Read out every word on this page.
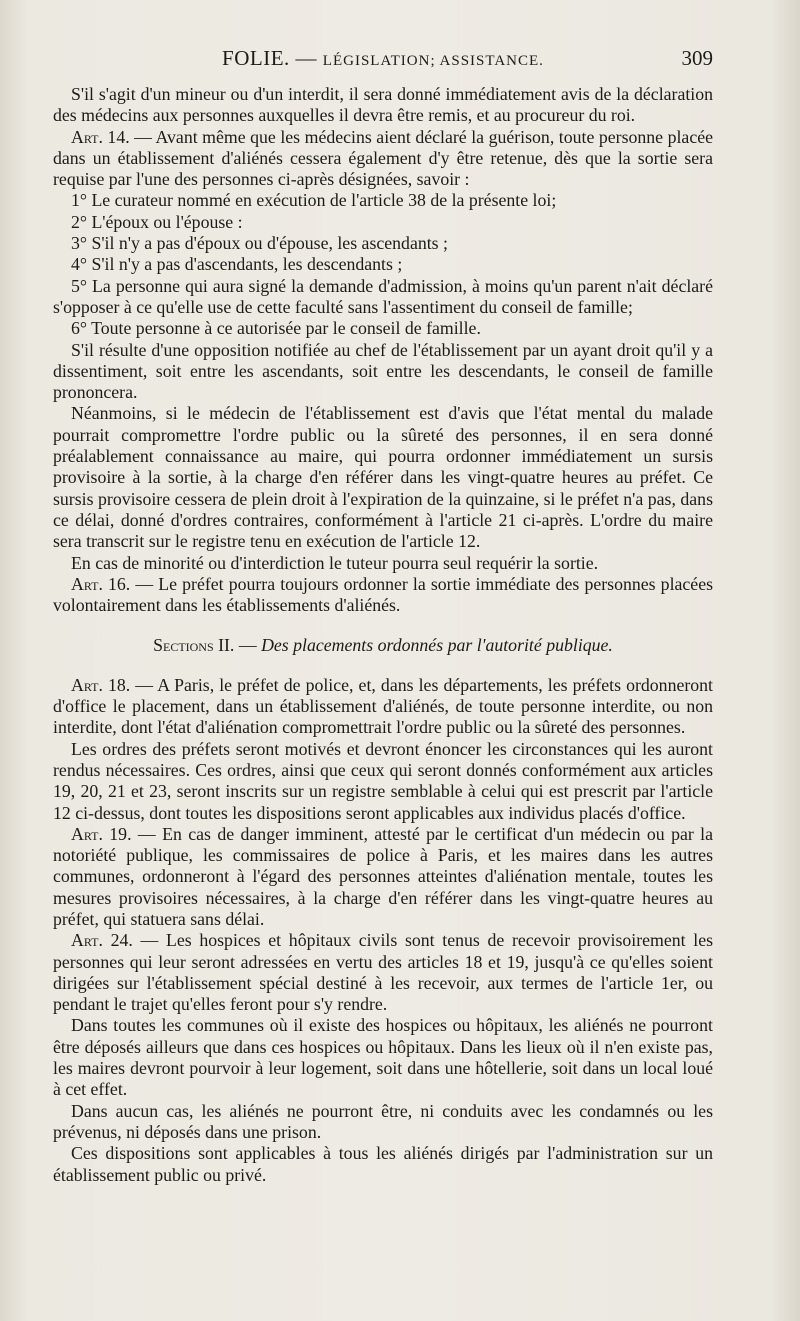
FOLIE. — LÉGISLATION; ASSISTANCE.	309

S'il s'agit d'un mineur ou d'un interdit, il sera donné immédiatement avis de la déclaration des médecins aux personnes auxquelles il devra être remis, et au procureur du roi.

Art. 14. — Avant même que les médecins aient déclaré la guérison, toute personne placée dans un établissement d'aliénés cessera également d'y être retenue, dès que la sortie sera requise par l'une des personnes ci-après désignées, savoir :

1° Le curateur nommé en exécution de l'article 38 de la présente loi;

2° L'époux ou l'épouse :

3° S'il n'y a pas d'époux ou d'épouse, les ascendants ;

4° S'il n'y a pas d'ascendants, les descendants ;

5° La personne qui aura signé la demande d'admission, à moins qu'un parent n'ait déclaré s'opposer à ce qu'elle use de cette faculté sans l'assentiment du conseil de famille;

6° Toute personne à ce autorisée par le conseil de famille.

S'il résulte d'une opposition notifiée au chef de l'établissement par un ayant droit qu'il y a dissentiment, soit entre les ascendants, soit entre les descendants, le conseil de famille prononcera.

Néanmoins, si le médecin de l'établissement est d'avis que l'état mental du malade pourrait compromettre l'ordre public ou la sûreté des personnes, il en sera donné préalablement connaissance au maire, qui pourra ordonner immédiatement un sursis provisoire à la sortie, à la charge d'en référer dans les vingt-quatre heures au préfet. Ce sursis provisoire cessera de plein droit à l'expiration de la quinzaine, si le préfet n'a pas, dans ce délai, donné d'ordres contraires, conformément à l'article 21 ci-après. L'ordre du maire sera transcrit sur le registre tenu en exécution de l'article 12.

En cas de minorité ou d'interdiction le tuteur pourra seul requérir la sortie.

Art. 16. — Le préfet pourra toujours ordonner la sortie immédiate des personnes placées volontairement dans les établissements d'aliénés.

Sections II. — Des placements ordonnés par l'autorité publique.

Art. 18. — A Paris, le préfet de police, et, dans les départements, les préfets ordonneront d'office le placement, dans un établissement d'aliénés, de toute personne interdite, ou non interdite, dont l'état d'aliénation compromettrait l'ordre public ou la sûreté des personnes.

Les ordres des préfets seront motivés et devront énoncer les circonstances qui les auront rendus nécessaires. Ces ordres, ainsi que ceux qui seront donnés conformément aux articles 19, 20, 21 et 23, seront inscrits sur un registre semblable à celui qui est prescrit par l'article 12 ci-dessus, dont toutes les dispositions seront applicables aux individus placés d'office.

Art. 19. — En cas de danger imminent, attesté par le certificat d'un médecin ou par la notoriété publique, les commissaires de police à Paris, et les maires dans les autres communes, ordonneront à l'égard des personnes atteintes d'aliénation mentale, toutes les mesures provisoires nécessaires, à la charge d'en référer dans les vingt-quatre heures au préfet, qui statuera sans délai.

Art. 24. — Les hospices et hôpitaux civils sont tenus de recevoir provisoirement les personnes qui leur seront adressées en vertu des articles 18 et 19, jusqu'à ce qu'elles soient dirigées sur l'établissement spécial destiné à les recevoir, aux termes de l'article 1er, ou pendant le trajet qu'elles feront pour s'y rendre.

Dans toutes les communes où il existe des hospices ou hôpitaux, les aliénés ne pourront être déposés ailleurs que dans ces hospices ou hôpitaux. Dans les lieux où il n'en existe pas, les maires devront pourvoir à leur logement, soit dans une hôtellerie, soit dans un local loué à cet effet.

Dans aucun cas, les aliénés ne pourront être, ni conduits avec les condamnés ou les prévenus, ni déposés dans une prison.

Ces dispositions sont applicables à tous les aliénés dirigés par l'administration sur un établissement public ou privé.
